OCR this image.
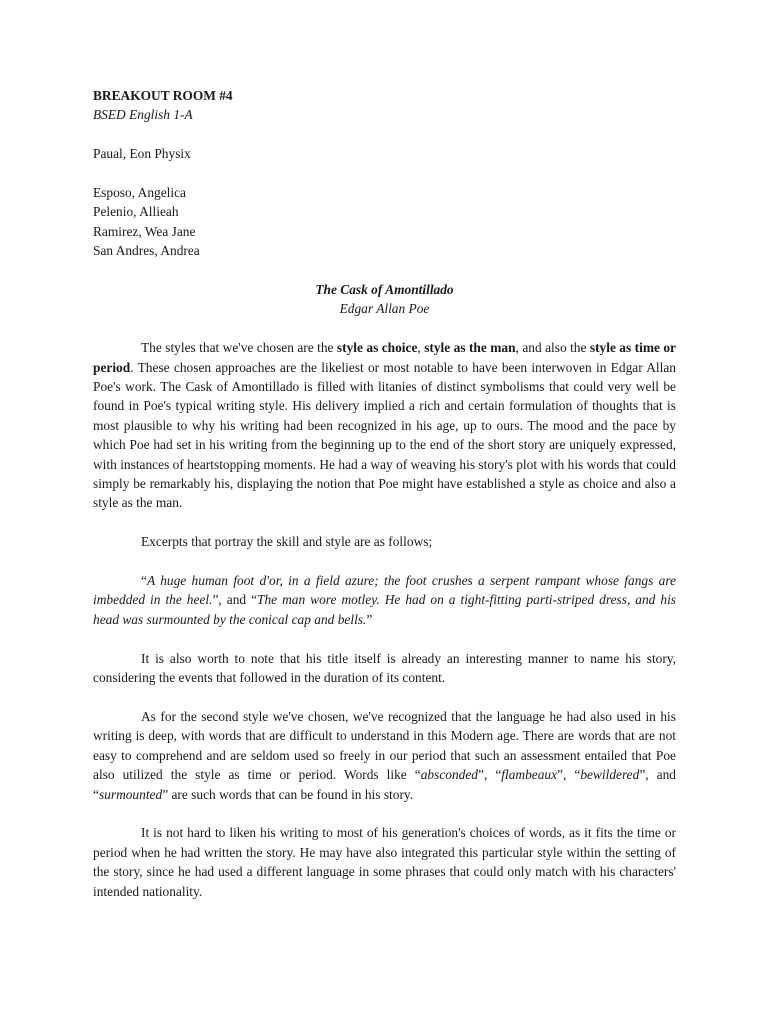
BREAKOUT ROOM #4
BSED English 1-A
Paual, Eon Physix
Esposo, Angelica
Pelenio, Allieah
Ramirez, Wea Jane
San Andres, Andrea
The Cask of Amontillado
Edgar Allan Poe

The styles that we've chosen are the style as choice, style as the man, and also the style as time or period. These chosen approaches are the likeliest or most notable to have been interwoven in Edgar Allan Poe's work. The Cask of Amontillado is filled with litanies of distinct symbolisms that could very well be found in Poe's typical writing style. His delivery implied a rich and certain formulation of thoughts that is most plausible to why his writing had been recognized in his age, up to ours. The mood and the pace by which Poe had set in his writing from the beginning up to the end of the short story are uniquely expressed, with instances of heartstopping moments. He had a way of weaving his story's plot with his words that could simply be remarkably his, displaying the notion that Poe might have established a style as choice and also a style as the man.

Excerpts that portray the skill and style are as follows;

“A huge human foot d'or, in a field azure; the foot crushes a serpent rampant whose fangs are imbedded in the heel.”, and “The man wore motley. He had on a tight-fitting parti-striped dress, and his head was surmounted by the conical cap and bells.”

It is also worth to note that his title itself is already an interesting manner to name his story, considering the events that followed in the duration of its content.

As for the second style we've chosen, we've recognized that the language he had also used in his writing is deep, with words that are difficult to understand in this Modern age. There are words that are not easy to comprehend and are seldom used so freely in our period that such an assessment entailed that Poe also utilized the style as time or period. Words like “absconded”, “flambeaux”, “bewildered”, and “surmounted” are such words that can be found in his story.

It is not hard to liken his writing to most of his generation's choices of words, as it fits the time or period when he had written the story. He may have also integrated this particular style within the setting of the story, since he had used a different language in some phrases that could only match with his characters' intended nationality.
